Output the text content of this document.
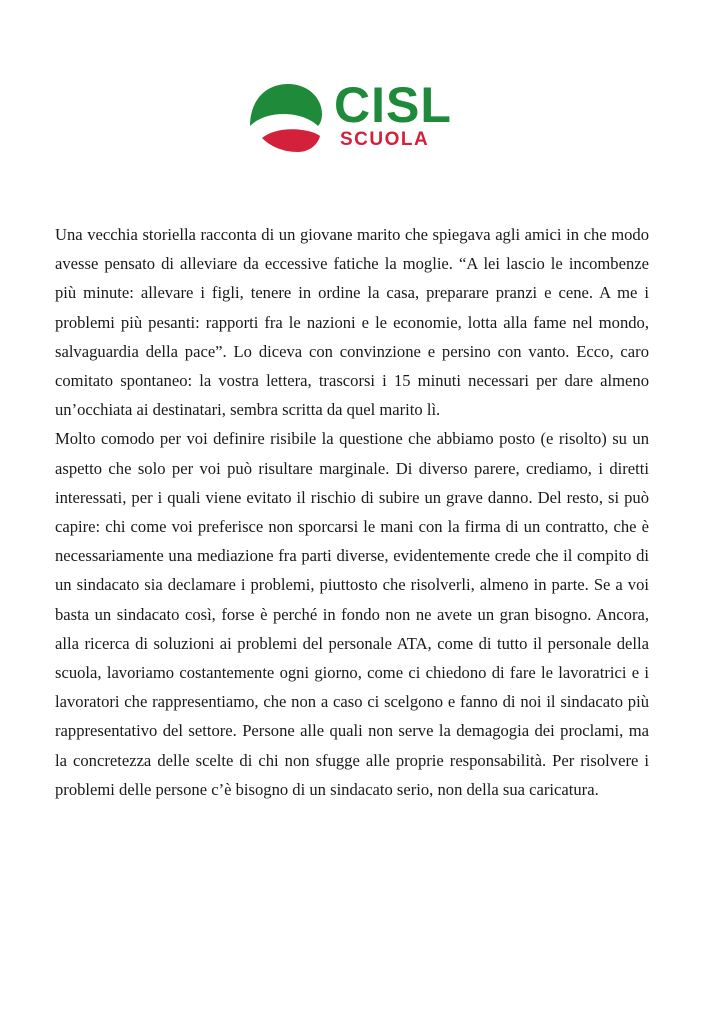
CISL
SCUOLA

Una vecchia storiella racconta di un giovane marito che spiegava agli amici in che modo avesse pensato di alleviare da eccessive fatiche la moglie. “A lei lascio le incombenze più minute: allevare i figli, tenere in ordine la casa, preparare pranzi e cene. A me i problemi più pesanti: rapporti fra le nazioni e le economie, lotta alla fame nel mondo, salvaguardia della pace”. Lo diceva con convinzione e persino con vanto. Ecco, caro comitato spontaneo: la vostra lettera, trascorsi i 15 minuti necessari per dare almeno un’occhiata ai destinatari, sembra scritta da quel marito lì.

Molto comodo per voi definire risibile la questione che abbiamo posto (e risolto) su un aspetto che solo per voi può risultare marginale. Di diverso parere, crediamo, i diretti interessati, per i quali viene evitato il rischio di subire un grave danno. Del resto, si può capire: chi come voi preferisce non sporcarsi le mani con la firma di un contratto, che è necessariamente una mediazione fra parti diverse, evidentemente crede che il compito di un sindacato sia declamare i problemi, piuttosto che risolverli, almeno in parte. Se a voi basta un sindacato così, forse è perché in fondo non ne avete un gran bisogno. Ancora, alla ricerca di soluzioni ai problemi del personale ATA, come di tutto il personale della scuola, lavoriamo costantemente ogni giorno, come ci chiedono di fare le lavoratrici e i lavoratori che rappresentiamo, che non a caso ci scelgono e fanno di noi il sindacato più rappresentativo del settore. Persone alle quali non serve la demagogia dei proclami, ma la concretezza delle scelte di chi non sfugge alle proprie responsabilità. Per risolvere i problemi delle persone c’è bisogno di un sindacato serio, non della sua caricatura.
